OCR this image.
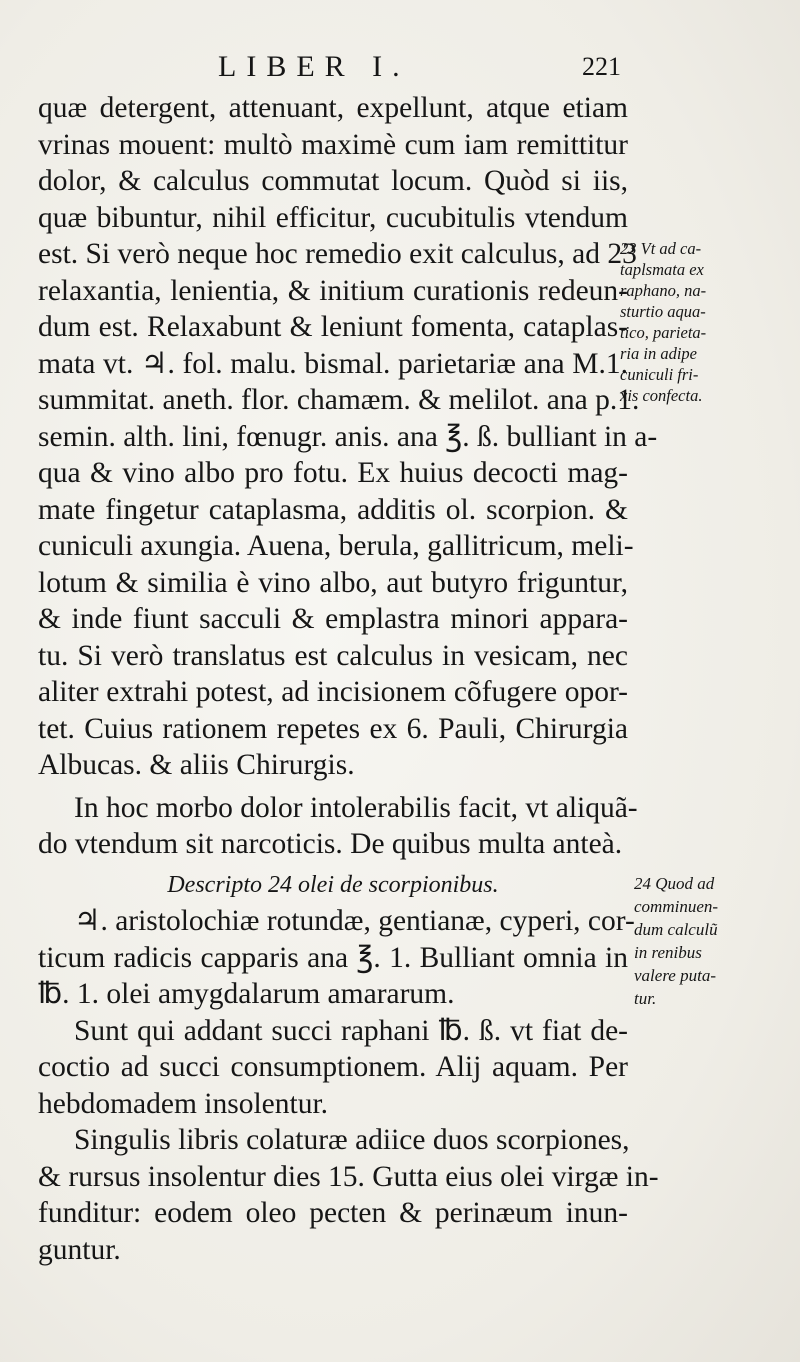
LIBER I.	221
quæ detergent, attenuant, expellunt, atque etiam
vrinas mouent: multò maximè cum iam remittitur
dolor, & calculus commutat locum. Quòd si iis,
quæ bibuntur, nihil efficitur, cucubitulis vtendum
est. Si verò neque hoc remedio exit calculus, ad 23
relaxantia, lenientia, & initium curationis redeun-
dum est. Relaxabunt & leniunt fomenta, cataplas-
mata vt. ♃. fol. malu. bismal. parietariæ ana M.1.
summitat. aneth. flor. chamæm. & melilot. ana p.1.
semin. alth. lini, fœnugr. anis. ana ℥. ß. bulliant in a-
qua & vino albo pro fotu. Ex huius decocti mag-
mate fingetur cataplasma, additis ol. scorpion. &
cuniculi axungia. Auena, berula, gallitricum, meli-
lotum & similia è vino albo, aut butyro friguntur,
& inde fiunt sacculi & emplastra minori appara-
tu. Si verò translatus est calculus in vesicam, nec
aliter extrahi potest, ad incisionem cõfugere opor-
tet. Cuius rationem repetes ex 6. Pauli, Chirurgia
Albucas. & aliis Chirurgis.
In hoc morbo dolor intolerabilis facit, vt aliquã-
do vtendum sit narcoticis. De quibus multa anteà.
Descripto 24 olei de scorpionibus.
♃. aristolochiæ rotundæ, gentianæ, cyperi, cor-
ticum radicis capparis ana ℥. 1. Bulliant omnia in
℔. 1. olei amygdalarum amararum.
Sunt qui addant succi raphani ℔. ß. vt fiat de-
coctio ad succi consumptionem. Alij aquam. Per
hebdomadem insolentur.
Singulis libris colaturæ adiice duos scorpiones,
& rursus insolentur dies 15. Gutta eius olei virgæ in-
funditur: eodem oleo pecten & perinæum inun-
guntur.
23 Vt ad ca-
taplsmata ex
raphano, na-
sturtio aqua-
tico, parieta-
ria in adipe
cuniculi fri-
xis confecta.
24 Quod ad
comminuen-
dum calculũ
in renibus
valere puta-
tur.
